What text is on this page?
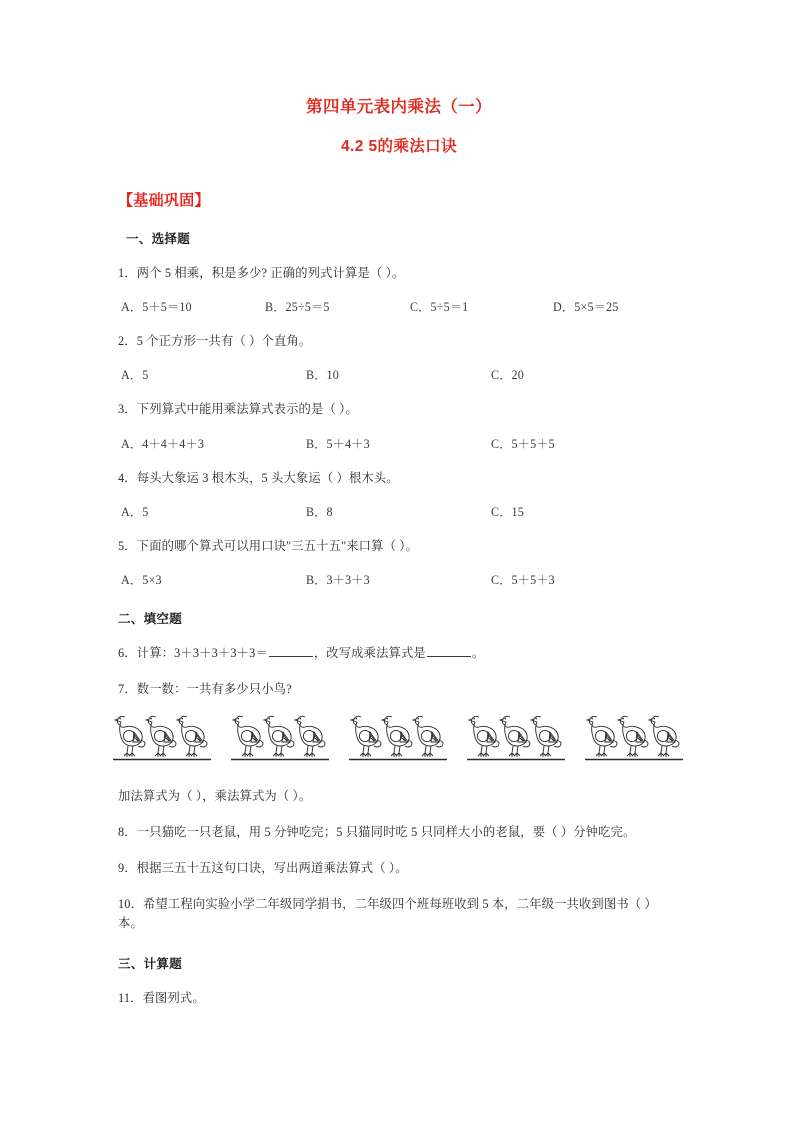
第四单元表内乘法（一）
4.2 5的乘法口诀
【基础巩固】
一、选择题
1．两个 5 相乘，积是多少? 正确的列式计算是（ ）。
A．5＋5＝10	B．25÷5＝5	C．5÷5＝1	D．5×5＝25
2．5 个正方形一共有（ ）个直角。
A．5	B．10	C．20
3．下列算式中能用乘法算式表示的是（ ）。
A．4＋4＋4＋3	B．5＋4＋3	C．5＋5＋5
4．每头大象运 3 根木头，5 头大象运（ ）根木头。
A．5	B．8	C．15
5．下面的哪个算式可以用口诀"三五十五"来口算（ ）。
A．5×3	B．3＋3＋3	C．5＋5＋3
二、填空题
6．计算：3＋3＋3＋3＋3＝	，改写成乘法算式是	。
7．数一数：一共有多少只小鸟?
加法算式为（ ），乘法算式为（ ）。
8．一只猫吃一只老鼠，用 5 分钟吃完；5 只猫同时吃 5 只同样大小的老鼠，要（ ）分钟吃完。
9．根据三五十五这句口诀，写出两道乘法算式（ ）。
10．希望工程向实验小学二年级同学捐书，二年级四个班每班收到 5 本，二年级一共收到图书（ ）本。
三、计算题
11．看图列式。
